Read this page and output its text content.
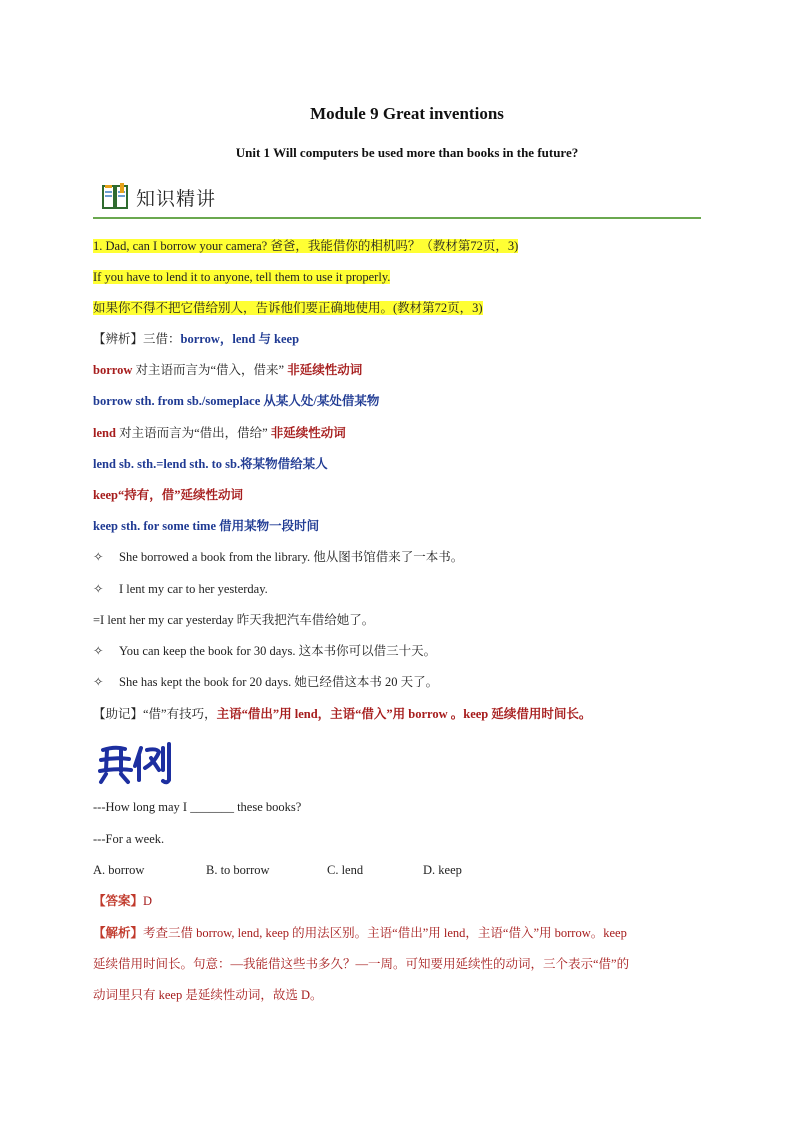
Module 9 Great inventions
Unit 1 Will computers be used more than books in the future?
知识精讲
1. Dad, can I borrow your camera? 爸爸，我能借你的相机吗？（教材第72页，3)
If you have to lend it to anyone, tell them to use it properly.
如果你不得不把它借给别人，告诉他们要正确地使用。(教材第72页，3)
【辨析】三借：borrow，lend 与 keep
borrow 对主语而言为“借入，借来” 非延续性动词
borrow sth. from sb./someplace 从某人处/某处借某物
lend 对主语而言为“借出，借给” 非延续性动词
lend sb. sth.=lend sth. to sb.将某物借给某人
keep“持有，借”延续性动词
keep sth. for some time 借用某物一段时间
✧ She borrowed a book from the library. 他从图书馆借来了一本书。
✧ I lent my car to her yesterday.
=I lent her my car yesterday 昨天我把汽车借给她了。
✧ You can keep the book for 30 days. 这本书你可以借三十天。
✧ She has kept the book for 20 days. 她已经借这本书 20 天了。
【助记】“借”有技巧，主语“借出”用 lend，主语“借入”用 borrow 。keep 延续借用时间长。
典例
---How long may I _______ these books?
---For a week.
A. borrow	B. to borrow	C. lend	D. keep
【答案】D
【解析】考查三借 borrow, lend, keep 的用法区别。主语“借出”用 lend，主语“借入”用 borrow。keep
延续借用时间长。句意：—我能借这些书多久？—一周。可知要用延续性的动词，三个表示“借”的
动词里只有 keep 是延续性动词，故选 D。
